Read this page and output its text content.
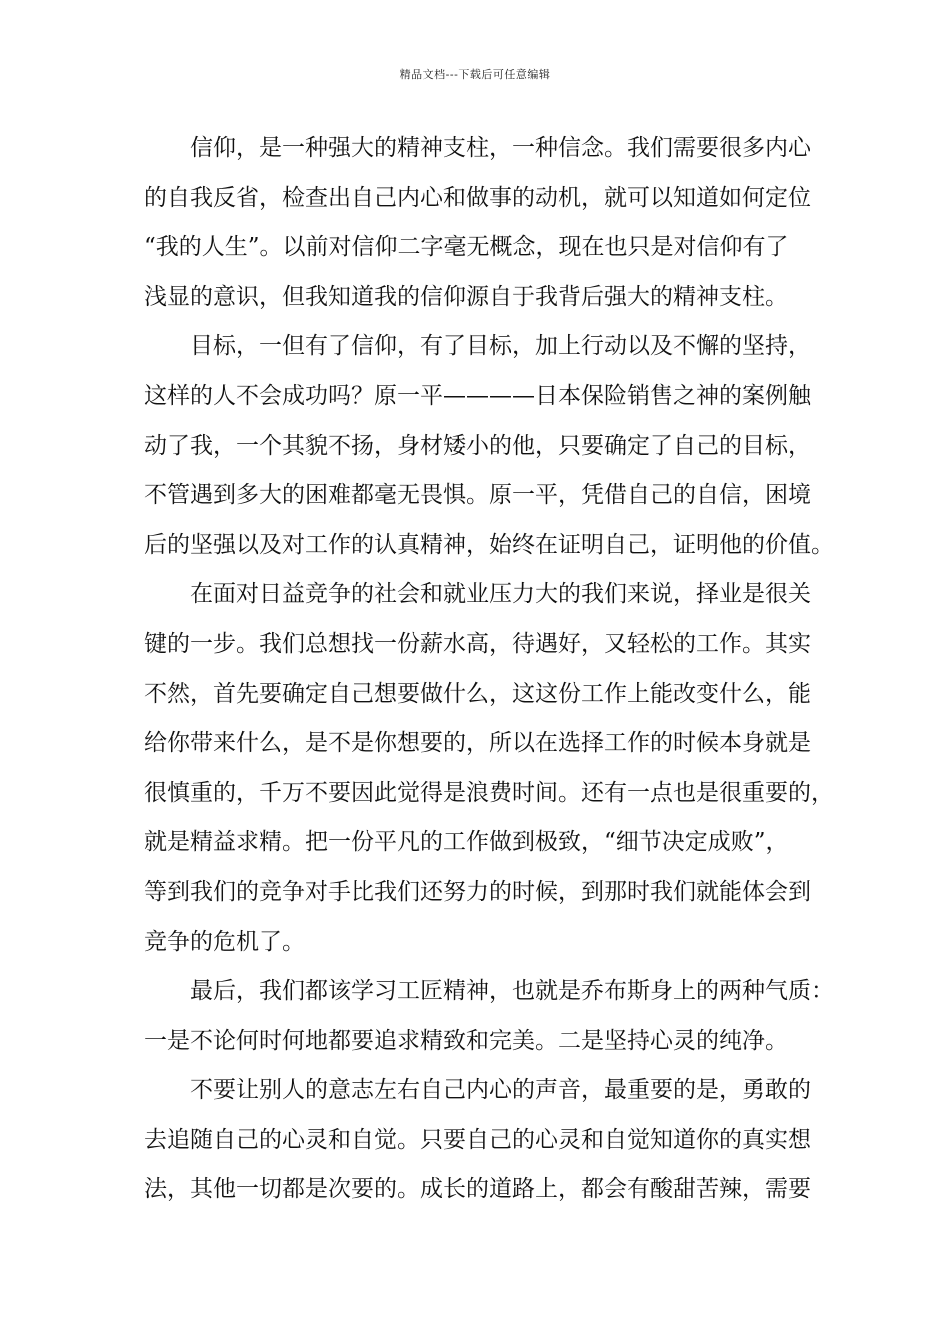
精品文档---下载后可任意编辑

信仰，是一种强大的精神支柱，一种信念。我们需要很多内心
的自我反省，检查出自己内心和做事的动机，就可以知道如何定位
“我的人生”。以前对信仰二字毫无概念，现在也只是对信仰有了
浅显的意识，但我知道我的信仰源自于我背后强大的精神支柱。

目标，一但有了信仰，有了目标，加上行动以及不懈的坚持，
这样的人不会成功吗？原一平————日本保险销售之神的案例触
动了我，一个其貌不扬，身材矮小的他，只要确定了自己的目标，
不管遇到多大的困难都毫无畏惧。原一平，凭借自己的自信，困境
后的坚强以及对工作的认真精神，始终在证明自己，证明他的价值。

在面对日益竞争的社会和就业压力大的我们来说，择业是很关
键的一步。我们总想找一份薪水高，待遇好，又轻松的工作。其实
不然，首先要确定自己想要做什么，这这份工作上能改变什么，能
给你带来什么，是不是你想要的，所以在选择工作的时候本身就是
很慎重的，千万不要因此觉得是浪费时间。还有一点也是很重要的，
就是精益求精。把一份平凡的工作做到极致，“细节决定成败”，
等到我们的竞争对手比我们还努力的时候，到那时我们就能体会到
竞争的危机了。

最后，我们都该学习工匠精神，也就是乔布斯身上的两种气质：
一是不论何时何地都要追求精致和完美。二是坚持心灵的纯净。

不要让别人的意志左右自己内心的声音，最重要的是，勇敢的
去追随自己的心灵和自觉。只要自己的心灵和自觉知道你的真实想
法，其他一切都是次要的。成长的道路上，都会有酸甜苦辣，需要
